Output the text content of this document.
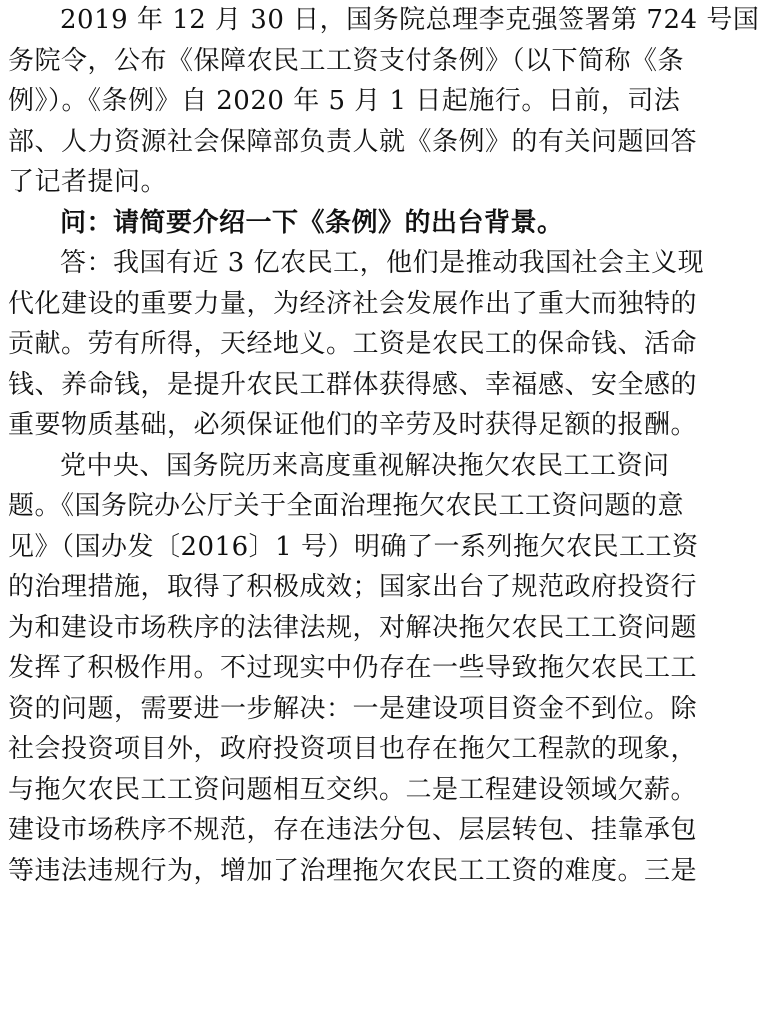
2019 年 12 月 30 日，国务院总理李克强签署第 724 号国
务院令，公布《保障农民工工资支付条例》（以下简称《条
例》）。《条例》自 2020 年 5 月 1 日起施行。日前，司法
部、人力资源社会保障部负责人就《条例》的有关问题回答
了记者提问。
问：请简要介绍一下《条例》的出台背景。
答：我国有近 3 亿农民工，他们是推动我国社会主义现
代化建设的重要力量，为经济社会发展作出了重大而独特的
贡献。劳有所得，天经地义。工资是农民工的保命钱、活命
钱、养命钱，是提升农民工群体获得感、幸福感、安全感的
重要物质基础，必须保证他们的辛劳及时获得足额的报酬。
党中央、国务院历来高度重视解决拖欠农民工工资问
题。《国务院办公厅关于全面治理拖欠农民工工资问题的意
见》（国办发〔2016〕1 号）明确了一系列拖欠农民工工资
的治理措施，取得了积极成效；国家出台了规范政府投资行
为和建设市场秩序的法律法规，对解决拖欠农民工工资问题
发挥了积极作用。不过现实中仍存在一些导致拖欠农民工工
资的问题，需要进一步解决：一是建设项目资金不到位。除
社会投资项目外，政府投资项目也存在拖欠工程款的现象，
与拖欠农民工工资问题相互交织。二是工程建设领域欠薪。
建设市场秩序不规范，存在违法分包、层层转包、挂靠承包
等违法违规行为，增加了治理拖欠农民工工资的难度。三是
